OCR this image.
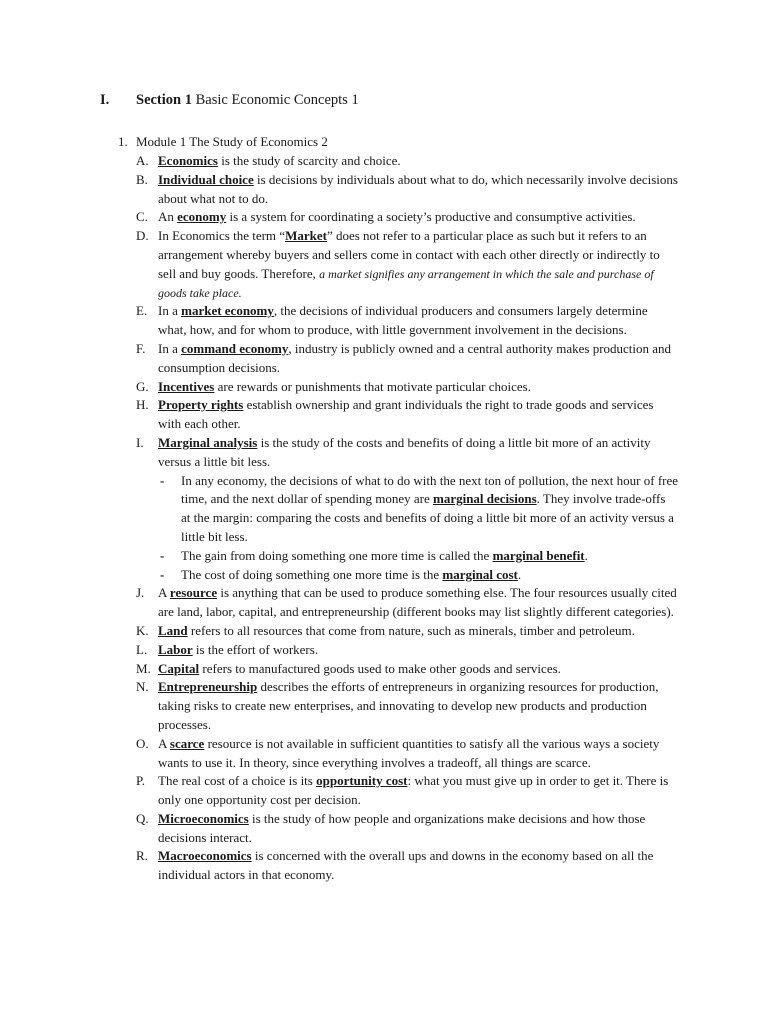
I. Section 1 Basic Economic Concepts 1
1. Module 1 The Study of Economics 2
A. Economics is the study of scarcity and choice.
B. Individual choice is decisions by individuals about what to do, which necessarily involve decisions about what not to do.
C. An economy is a system for coordinating a society’s productive and consumptive activities.
D. In Economics the term “Market” does not refer to a particular place as such but it refers to an arrangement whereby buyers and sellers come in contact with each other directly or indirectly to sell and buy goods. Therefore, a market signifies any arrangement in which the sale and purchase of goods take place.
E. In a market economy, the decisions of individual producers and consumers largely determine what, how, and for whom to produce, with little government involvement in the decisions.
F. In a command economy, industry is publicly owned and a central authority makes production and consumption decisions.
G. Incentives are rewards or punishments that motivate particular choices.
H. Property rights establish ownership and grant individuals the right to trade goods and services with each other.
I. Marginal analysis is the study of the costs and benefits of doing a little bit more of an activity versus a little bit less.
- In any economy, the decisions of what to do with the next ton of pollution, the next hour of free time, and the next dollar of spending money are marginal decisions. They involve trade-offs at the margin: comparing the costs and benefits of doing a little bit more of an activity versus a little bit less.
- The gain from doing something one more time is called the marginal benefit.
- The cost of doing something one more time is the marginal cost.
J. A resource is anything that can be used to produce something else. The four resources usually cited are land, labor, capital, and entrepreneurship (different books may list slightly different categories).
K. Land refers to all resources that come from nature, such as minerals, timber and petroleum.
L. Labor is the effort of workers.
M. Capital refers to manufactured goods used to make other goods and services.
N. Entrepreneurship describes the efforts of entrepreneurs in organizing resources for production, taking risks to create new enterprises, and innovating to develop new products and production processes.
O. A scarce resource is not available in sufficient quantities to satisfy all the various ways a society wants to use it. In theory, since everything involves a tradeoff, all things are scarce.
P. The real cost of a choice is its opportunity cost: what you must give up in order to get it. There is only one opportunity cost per decision.
Q. Microeconomics is the study of how people and organizations make decisions and how those decisions interact.
R. Macroeconomics is concerned with the overall ups and downs in the economy based on all the individual actors in that economy.
